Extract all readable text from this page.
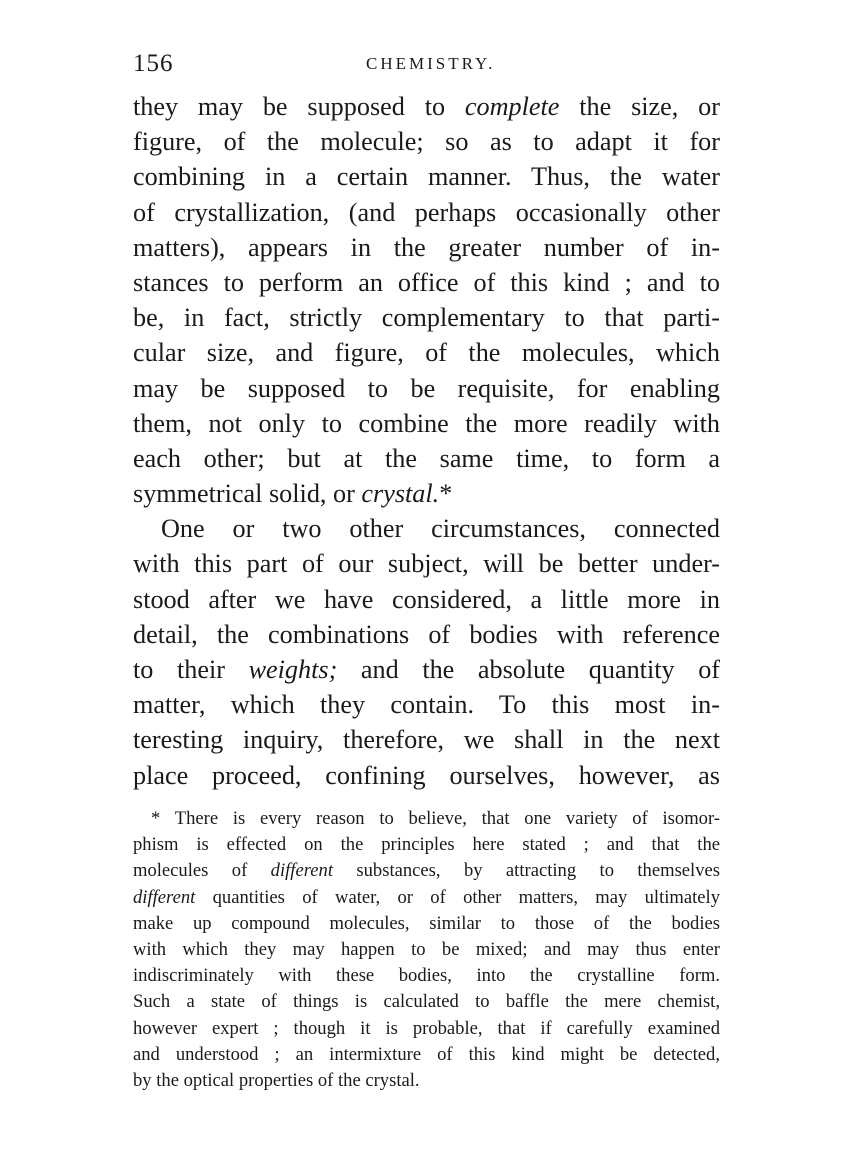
156	CHEMISTRY.
they may be supposed to complete the size, or
figure, of the molecule; so as to adapt it for
combining in a certain manner. Thus, the water
of crystallization, (and perhaps occasionally other
matters), appears in the greater number of in-
stances to perform an office of this kind ; and to
be, in fact, strictly complementary to that parti-
cular size, and figure, of the molecules, which
may be supposed to be requisite, for enabling
them, not only to combine the more readily with
each other; but at the same time, to form a
symmetrical solid, or crystal.*
One or two other circumstances, connected
with this part of our subject, will be better under-
stood after we have considered, a little more in
detail, the combinations of bodies with reference
to their weights; and the absolute quantity of
matter, which they contain. To this most in-
teresting inquiry, therefore, we shall in the next
place proceed, confining ourselves, however, as
* There is every reason to believe, that one variety of isomor-
phism is effected on the principles here stated ; and that the
molecules of different substances, by attracting to themselves
different quantities of water, or of other matters, may ultimately
make up compound molecules, similar to those of the bodies
with which they may happen to be mixed; and may thus enter
indiscriminately with these bodies, into the crystalline form.
Such a state of things is calculated to baffle the mere chemist,
however expert ; though it is probable, that if carefully examined
and understood ; an intermixture of this kind might be detected,
by the optical properties of the crystal.
